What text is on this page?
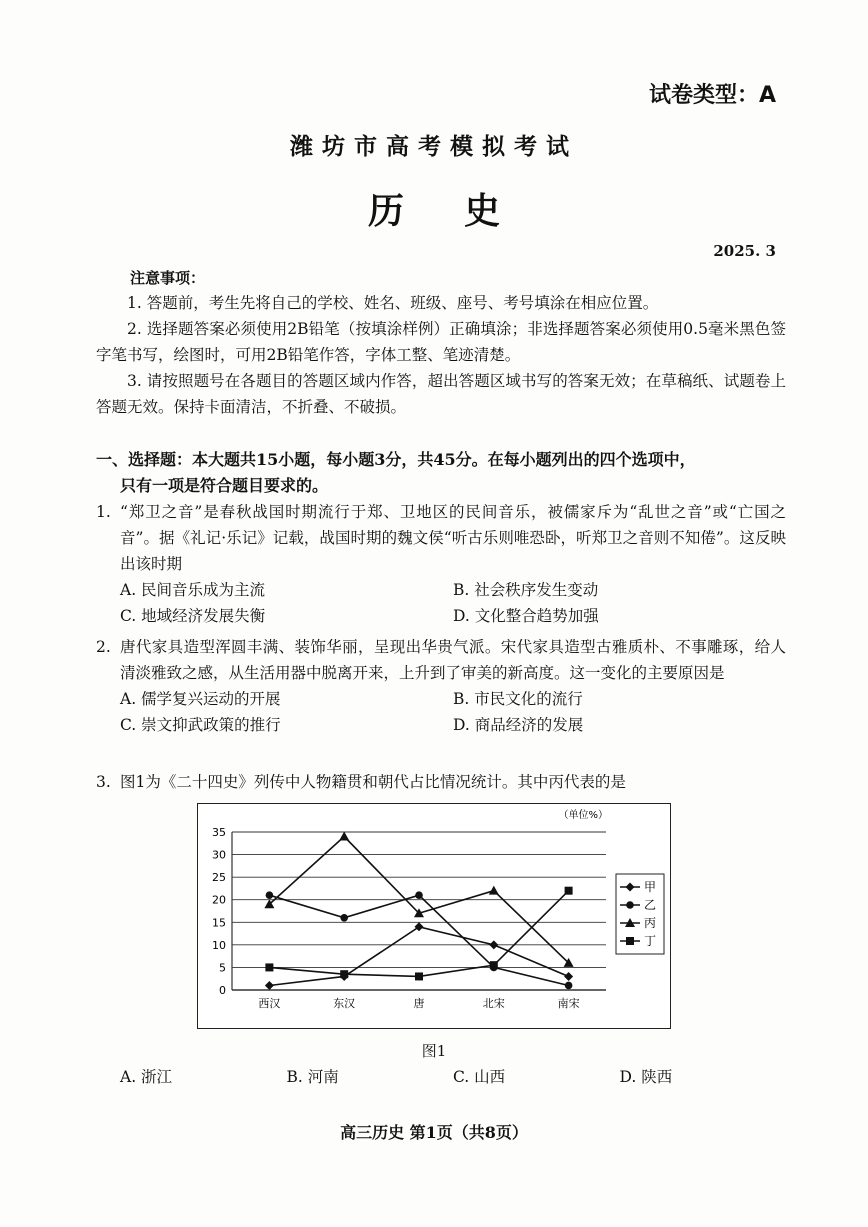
试卷类型：A
潍坊市高考模拟考试
历史
2025. 3
注意事项：

1. 答题前，考生先将自己的学校、姓名、班级、座号、考号填涂在相应位置。

2. 选择题答案必须使用2B铅笔（按填涂样例）正确填涂；非选择题答案必须使用0.5毫米黑色签字笔书写，绘图时，可用2B铅笔作答，字体工整、笔迹清楚。

3. 请按照题号在各题目的答题区域内作答，超出答题区域书写的答案无效；在草稿纸、试题卷上答题无效。保持卡面清洁，不折叠、不破损。

一、选择题：本大题共15小题，每小题3分，共45分。在每小题列出的四个选项中，
只有一项是符合题目要求的。
1. “郑卫之音”是春秋战国时期流行于郑、卫地区的民间音乐，被儒家斥为“乱世之音”或“亡国之音”。据《礼记·乐记》记载，战国时期的魏文侯“听古乐则唯恐卧，听郑卫之音则不知倦”。这反映出该时期
A. 民间音乐成为主流	B. 社会秩序发生变动
C. 地域经济发展失衡	D. 文化整合趋势加强
2. 唐代家具造型浑圆丰满、装饰华丽，呈现出华贵气派。宋代家具造型古雅质朴、不事雕琢，给人清淡雅致之感，从生活用器中脱离开来，上升到了审美的新高度。这一变化的主要原因是
A. 儒学复兴运动的开展	B. 市民文化的流行
C. 崇文抑武政策的推行	D. 商品经济的发展
3. 图1为《二十四史》列传中人物籍贯和朝代占比情况统计。其中丙代表的是
（单位%）
0
5
10
15
20
25
30
35
西汉	东汉	唐	北宋	南宋
甲
乙
丙
丁
图1
A. 浙江	B. 河南	C. 山西	D. 陕西
高三历史 第1页（共8页）
